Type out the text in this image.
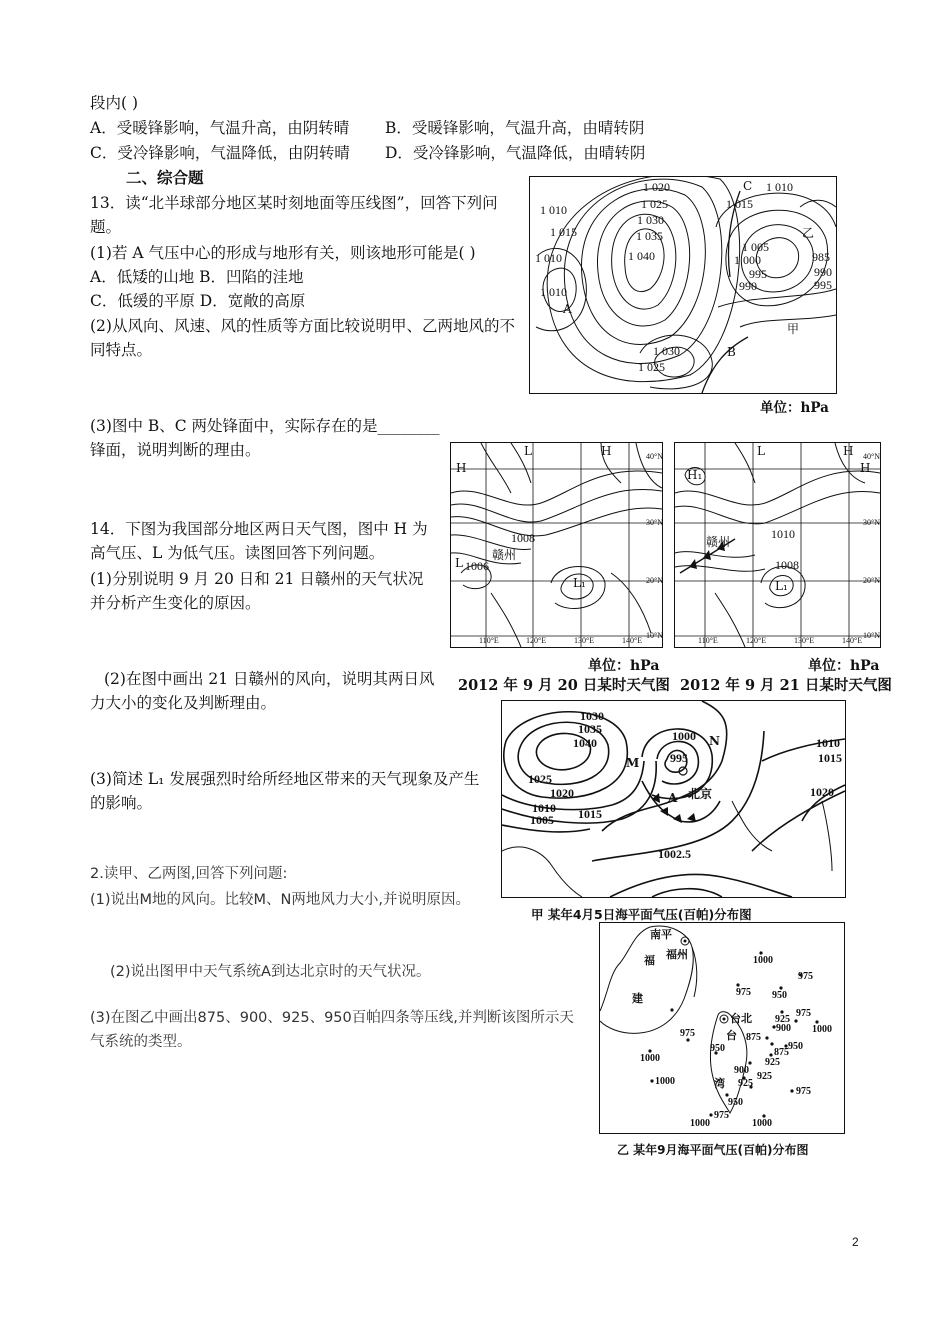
段内( )
A．受暖锋影响，气温升高，由阴转晴 B．受暖锋影响，气温升高，由晴转阴
C．受冷锋影响，气温降低，由阴转晴 D．受冷锋影响，气温降低，由晴转阴
二、综合题
13．读“北半球部分地区某时刻地面等压线图”，回答下列问题。
(1)若 A 气压中心的形成与地形有关，则该地形可能是( )
A．低矮的山地 B．凹陷的洼地
C．低缓的平原 D．宽敞的高原
(2)从风向、风速、风的性质等方面比较说明甲、乙两地风的不同特点。
(3)图中 B、C 两处锋面中，实际存在的是________锋面，说明判断的理由。
1 020
1 025
1 030
1 035
1 040
1 010
1 015
1 010
1 010
A
C 1 010
1 015
1 005
1 000
995
990
乙
985
990
995
甲
B
1 030
1 025
单位：hPa
14．下图为我国部分地区两日天气图，图中 H 为高气压、L 为低气压。读图回答下列问题。
(1)分别说明 9 月 20 日和 21 日赣州的天气状况并分析产生变化的原因。
(2)在图中画出 21 日赣州的风向，说明其两日风力大小的变化及判断理由。
(3)简述 L₁ 发展强烈时给所经地区带来的天气现象及产生的影响。
H
L	H
赣州
1008
L 1006
L₁
40°N
30°N
20°N
10°N
110°E	120°E	130°E	140°E
L	H
H₁	H
赣州
1010
1008
L₁
40°N
30°N
20°N
10°N
110°E	120°E	130°E	140°E
单位：hPa	单位：hPa
2012 年 9 月 20 日某时天气图 2012 年 9 月 21 日某时天气图
2.读甲、乙两图,回答下列问题:
(1)说出M地的风向。比较M、N两地风力大小,并说明原因。
(2)说出图甲中天气系统A到达北京时的天气状况。
(3)在图乙中画出875、900、925、950百帕四条等压线,并判断该图所示天气系统的类型。
1030
1035
1040
1025
1020
1010
1005 1015
1000
995
M
N
A 北京
1010
1015
1020
1002.5
甲 某年4月5日海平面气压(百帕)分布图
南平
福州
福
建
台北
台
湾
1000
975
950
975
925
1000
900
875
950	875
925
975
1000
950
900
925
975
1000
975
1000
950
1000
925
975
乙 某年9月海平面气压(百帕)分布图
2
